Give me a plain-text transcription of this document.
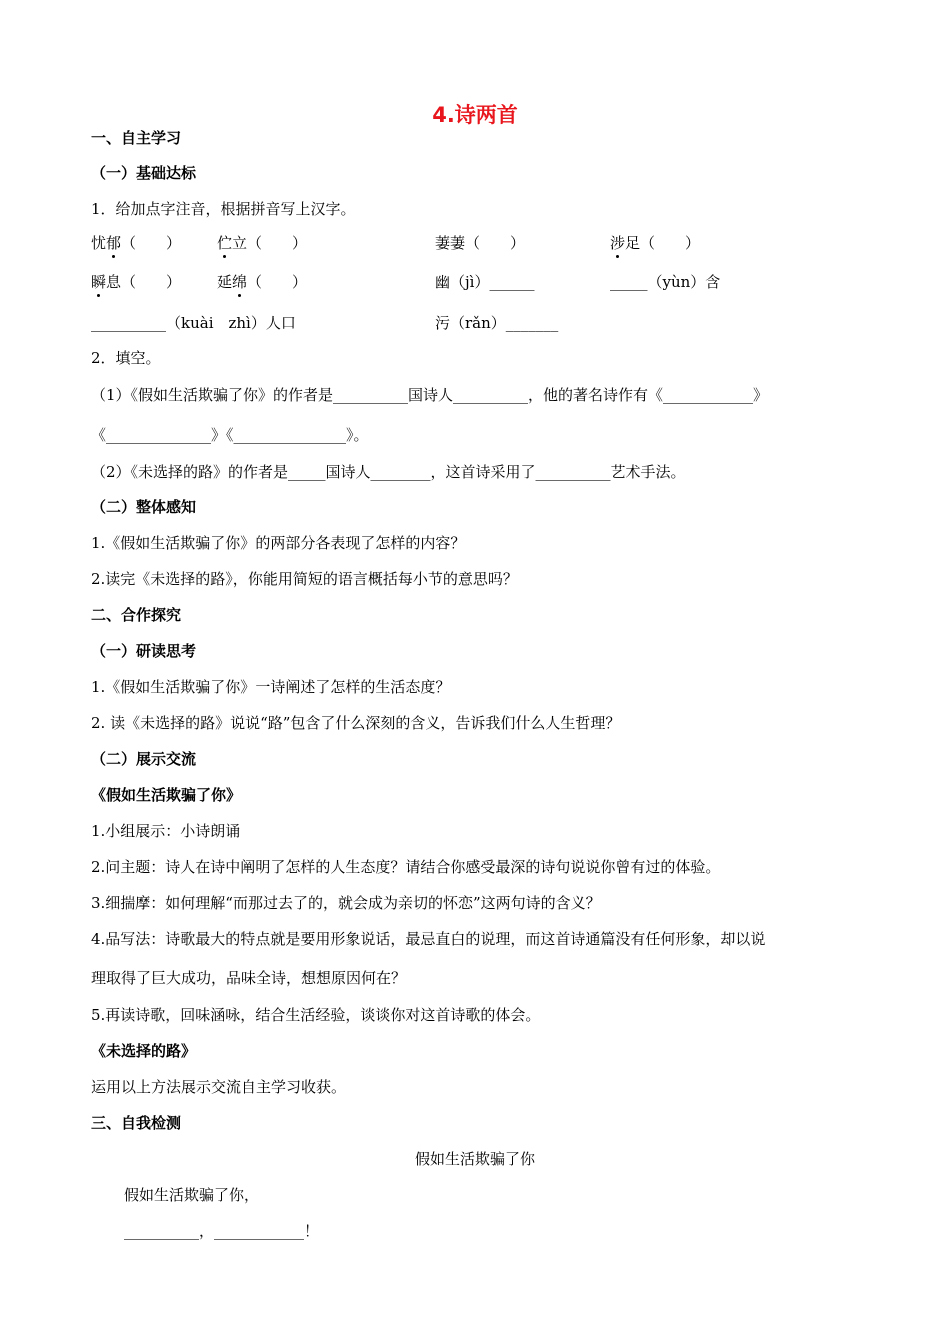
4.诗两首
一、自主学习
（一）基础达标
1．给加点字注音，根据拼音写上汉字。
忧郁（　　） 伫立（　　）	萋萋（　　）	涉足（　　）
瞬息（　　） 延绵（　　）	幽（jì）______	_____（yùn）含
__________（kuài　zhì）人口	污（rǎn）_______
2．填空。
（1）《假如生活欺骗了你》的作者是__________国诗人__________，他的著名诗作有《____________》
《______________》《_______________》。
（2）《未选择的路》的作者是_____国诗人________，这首诗采用了__________艺术手法。
（二）整体感知
1.《假如生活欺骗了你》的两部分各表现了怎样的内容？
2.读完《未选择的路》，你能用简短的语言概括每小节的意思吗？
二、合作探究
（一）研读思考
1.《假如生活欺骗了你》一诗阐述了怎样的生活态度？
2. 读《未选择的路》说说“路”包含了什么深刻的含义，告诉我们什么人生哲理？
（二）展示交流
《假如生活欺骗了你》
1.小组展示：小诗朗诵
2.问主题：诗人在诗中阐明了怎样的人生态度？请结合你感受最深的诗句说说你曾有过的体验。
3.细揣摩：如何理解“而那过去了的，就会成为亲切的怀恋”这两句诗的含义？
4.品写法：诗歌最大的特点就是要用形象说话，最忌直白的说理，而这首诗通篇没有任何形象，却以说
理取得了巨大成功，品味全诗，想想原因何在？
5.再读诗歌，回味涵咏，结合生活经验，谈谈你对这首诗歌的体会。
《未选择的路》
运用以上方法展示交流自主学习收获。
三、自我检测
假如生活欺骗了你
假如生活欺骗了你，
__________，____________！
